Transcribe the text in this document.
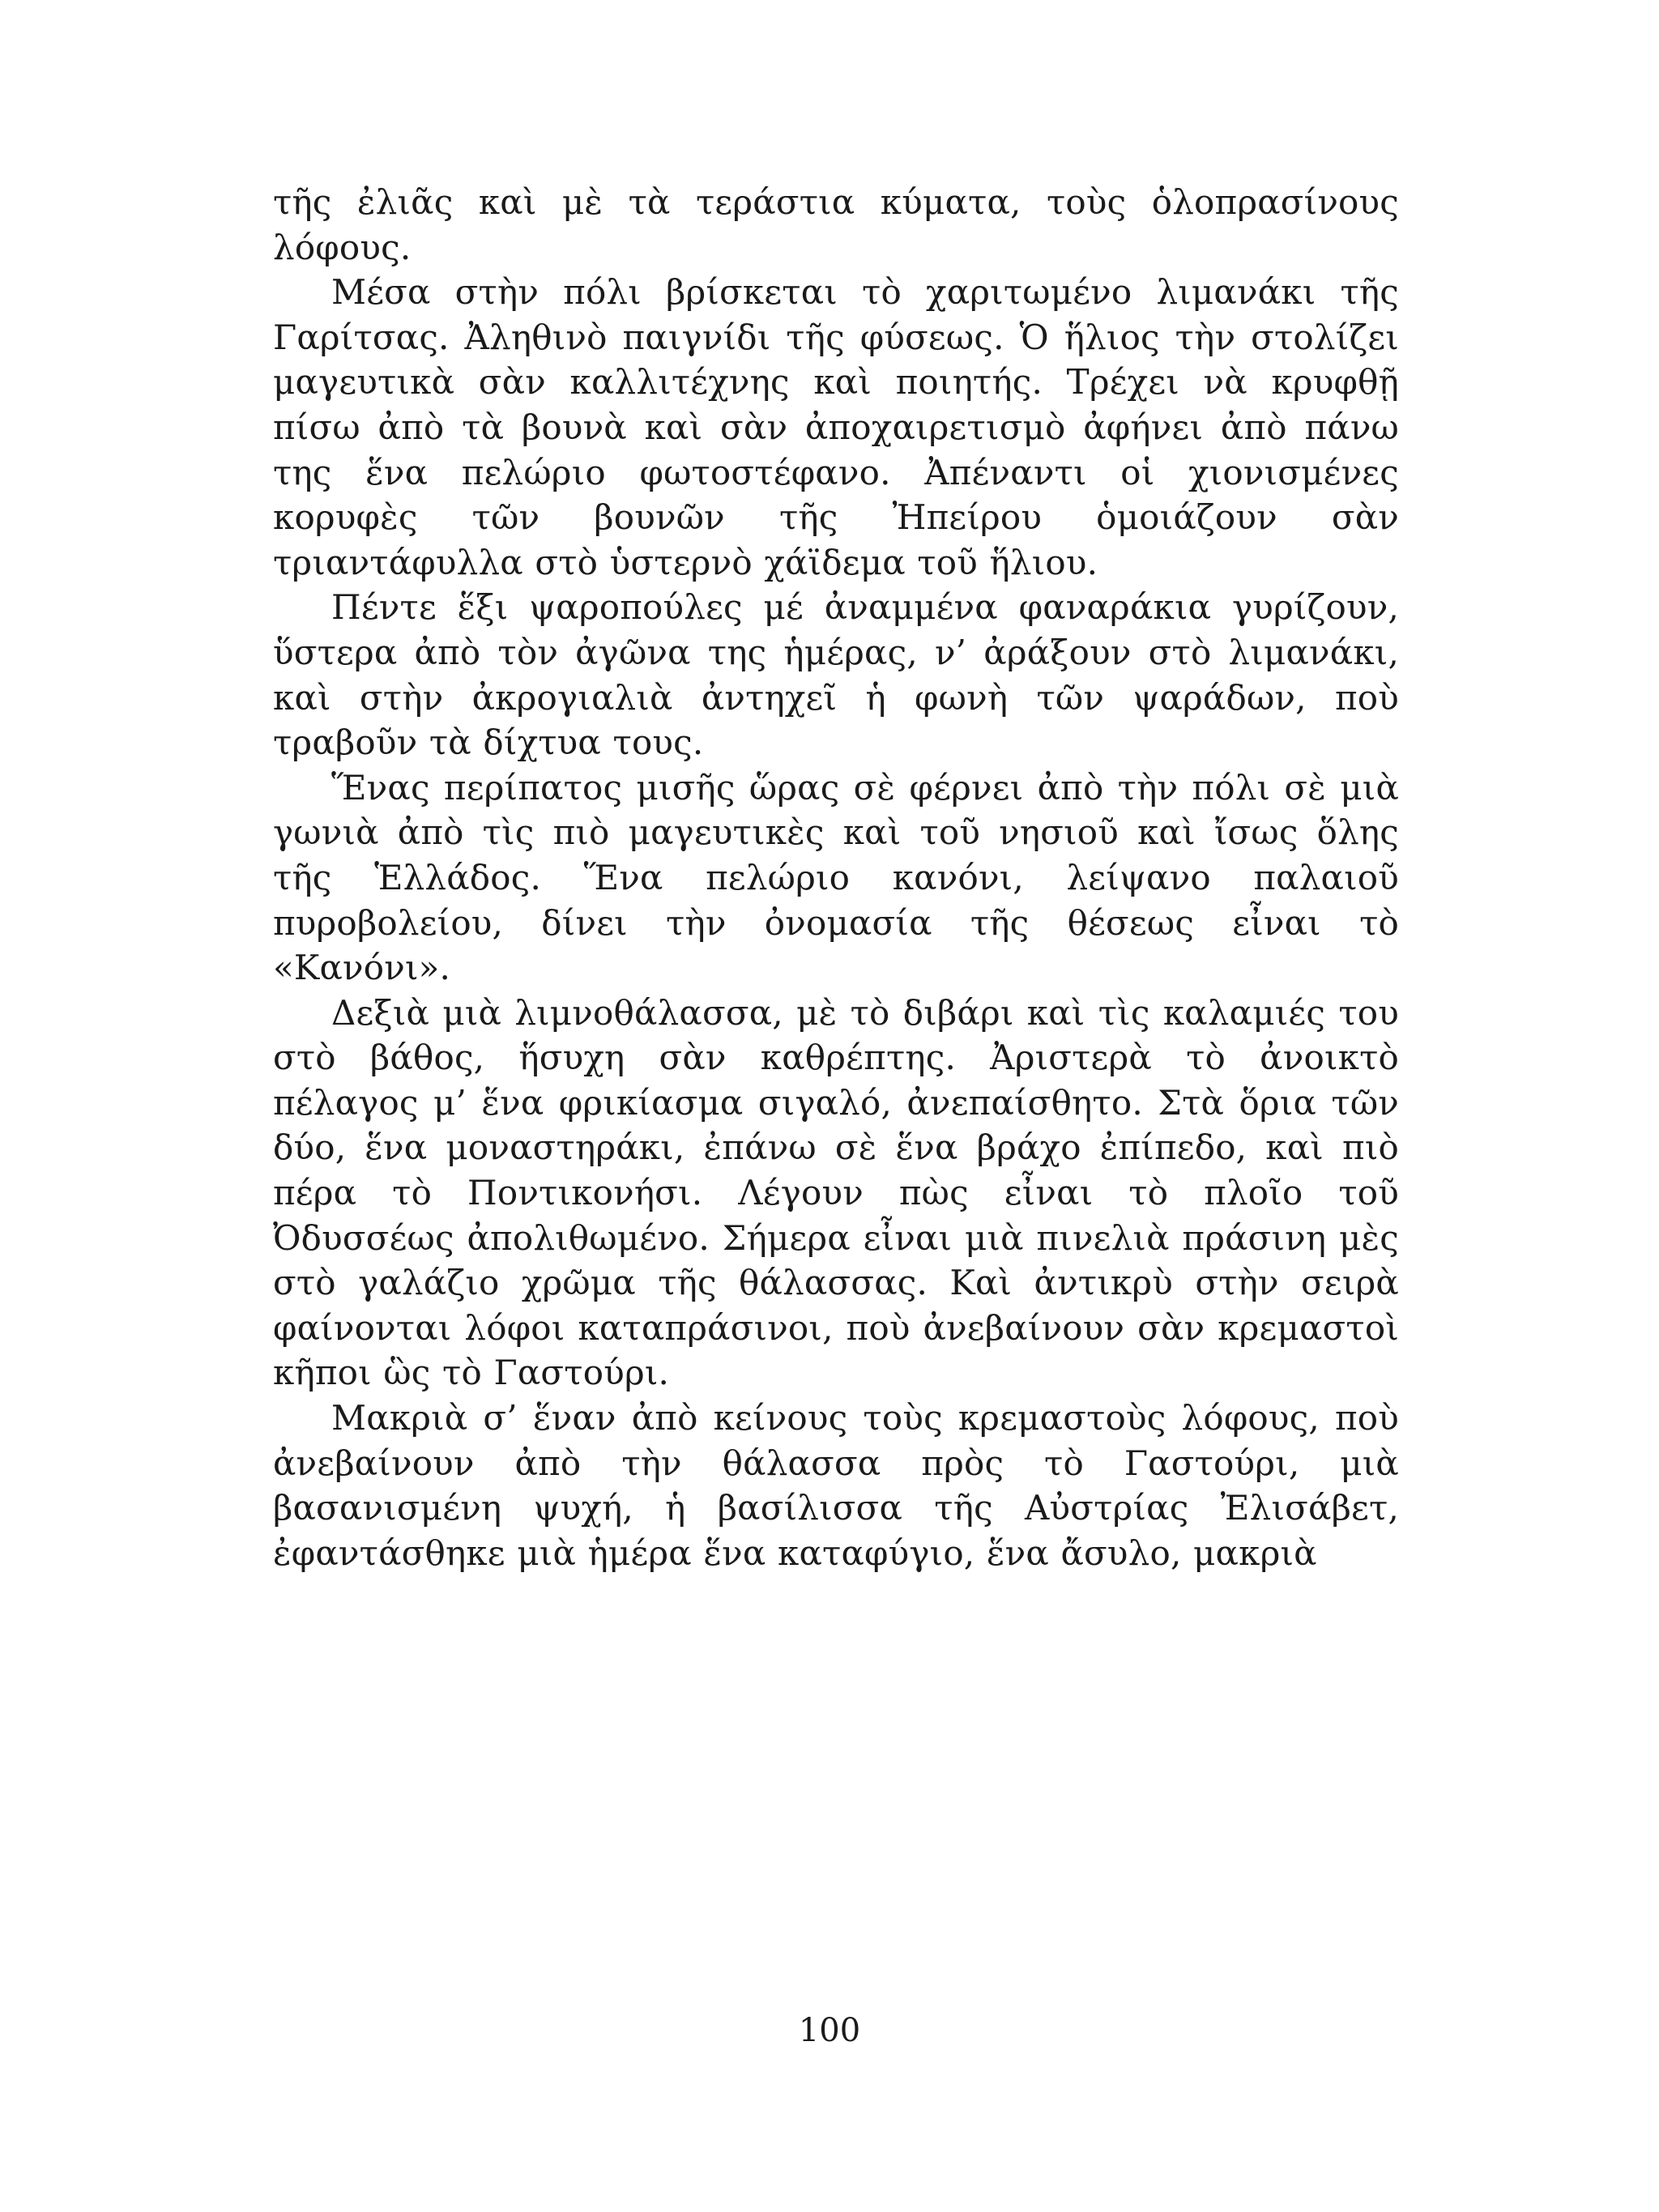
τῆς ἐλιᾶς καὶ μὲ τὰ τεράστια κύματα, τοὺς ὁλοπρασίνους λόφους.

Μέσα στὴν πόλι βρίσκεται τὸ χαριτωμένο λιμανάκι τῆς Γαρίτσας. Ἀληθινὸ παιγνίδι τῆς φύσεως. Ὁ ἥλιος τὴν στολίζει μαγευτικὰ σὰν καλλιτέχνης καὶ ποιητής. Τρέχει νὰ κρυφθῇ πίσω ἀπὸ τὰ βουνὰ καὶ σὰν ἀποχαιρετισμὸ ἀφήνει ἀπὸ πάνω της ἕνα πελώριο φωτοστέφανο. Ἀπέναντι οἱ χιονισμένες κορυφὲς τῶν βουνῶν τῆς Ἠπείρου ὁμοιάζουν σὰν τριαντάφυλλα στὸ ὑστερνὸ χάϊδεμα τοῦ ἥλιου.

Πέντε ἕξι ψαροπούλες μέ ἀναμμένα φαναράκια γυρίζουν, ὕστερα ἀπὸ τὸν ἀγῶνα της ἡμέρας, ν’ ἀράξουν στὸ λιμανάκι, καὶ στὴν ἀκρογιαλιὰ ἀντηχεῖ ἡ φωνὴ τῶν ψαράδων, ποὺ τραβοῦν τὰ δίχτυα τους.

Ἕνας περίπατος μισῆς ὥρας σὲ φέρνει ἀπὸ τὴν πόλι σὲ μιὰ γωνιὰ ἀπὸ τὶς πιὸ μαγευτικὲς καὶ τοῦ νησιοῦ καὶ ἴσως ὅλης τῆς Ἑλλάδος. Ἕνα πελώριο κανόνι, λείψανο παλαιοῦ πυροβολείου, δίνει τὴν ὀνομασία τῆς θέσεως εἶναι τὸ «Κανόνι».

Δεξιὰ μιὰ λιμνοθάλασσα, μὲ τὸ διβάρι καὶ τὶς καλαμιές του στὸ βάθος, ἥσυχη σὰν καθρέπτης. Ἀριστερὰ τὸ ἀνοικτὸ πέλαγος μ’ ἕνα φρικίασμα σιγαλό, ἀνεπαίσθητο. Στὰ ὅρια τῶν δύο, ἕνα μοναστηράκι, ἐπάνω σὲ ἕνα βράχο ἐπίπεδο, καὶ πιὸ πέρα τὸ Ποντικονήσι. Λέγουν πὼς εἶναι τὸ πλοῖο τοῦ Ὀδυσσέως ἀπολιθωμένο. Σήμερα εἶναι μιὰ πινελιὰ πράσινη μὲς στὸ γαλάζιο χρῶμα τῆς θάλασσας. Καὶ ἀντικρὺ στὴν σειρὰ φαίνονται λόφοι καταπράσινοι, ποὺ ἀνεβαίνουν σὰν κρεμαστοὶ κῆποι ὣς τὸ Γαστούρι.

Μακριὰ σ’ ἕναν ἀπὸ κείνους τοὺς κρεμαστοὺς λόφους, ποὺ ἀνεβαίνουν ἀπὸ τὴν θάλασσα πρὸς τὸ Γαστούρι, μιὰ βασανισμένη ψυχή, ἡ βασίλισσα τῆς Αὐστρίας Ἐλισάβετ, ἐφαντάσθηκε μιὰ ἡμέρα ἕνα καταφύγιο, ἕνα ἄσυλο, μακριὰ

100
